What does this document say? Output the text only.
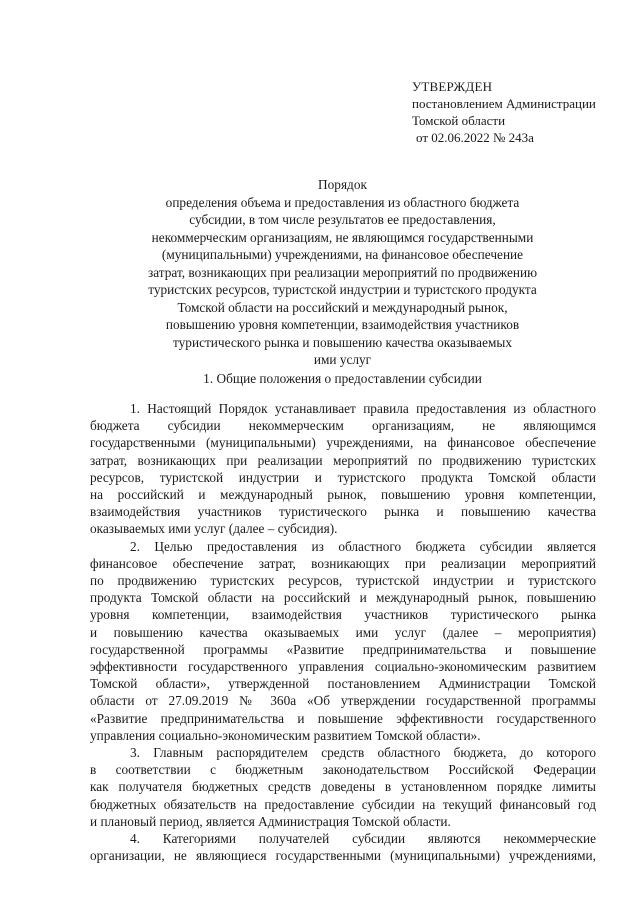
УТВЕРЖДЕН
постановлением Администрации
Томской области
от 02.06.2022 № 243а
Порядок
определения объема и предоставления из областного бюджета
субсидии, в том числе результатов ее предоставления,
некоммерческим организациям, не являющимся государственными
(муниципальными) учреждениями, на финансовое обеспечение
затрат, возникающих при реализации мероприятий по продвижению
туристских ресурсов, туристской индустрии и туристского продукта
Томской области на российский и международный рынок,
повышению уровня компетенции, взаимодействия участников
туристического рынка и повышению качества оказываемых
ими услуг
1. Общие положения о предоставлении субсидии
1. Настоящий Порядок устанавливает правила предоставления из областного
бюджета субсидии некоммерческим организациям, не являющимся
государственными (муниципальными) учреждениями, на финансовое обеспечение
затрат, возникающих при реализации мероприятий по продвижению туристских
ресурсов, туристской индустрии и туристского продукта Томской области
на российский и международный рынок, повышению уровня компетенции,
взаимодействия участников туристического рынка и повышению качества
оказываемых ими услуг (далее – субсидия).
2. Целью предоставления из областного бюджета субсидии является
финансовое обеспечение затрат, возникающих при реализации мероприятий
по продвижению туристских ресурсов, туристской индустрии и туристского
продукта Томской области на российский и международный рынок, повышению
уровня компетенции, взаимодействия участников туристического рынка
и повышению качества оказываемых ими услуг (далее – мероприятия)
государственной программы «Развитие предпринимательства и повышение
эффективности государственного управления социально-экономическим развитием
Томской области», утвержденной постановлением Администрации Томской
области от 27.09.2019 № 360а «Об утверждении государственной программы
«Развитие предпринимательства и повышение эффективности государственного
управления социально-экономическим развитием Томской области».
3. Главным распорядителем средств областного бюджета, до которого
в соответствии с бюджетным законодательством Российской Федерации
как получателя бюджетных средств доведены в установленном порядке лимиты
бюджетных обязательств на предоставление субсидии на текущий финансовый год
и плановый период, является Администрация Томской области.
4. Категориями получателей субсидии являются некоммерческие
организации, не являющиеся государственными (муниципальными) учреждениями,
